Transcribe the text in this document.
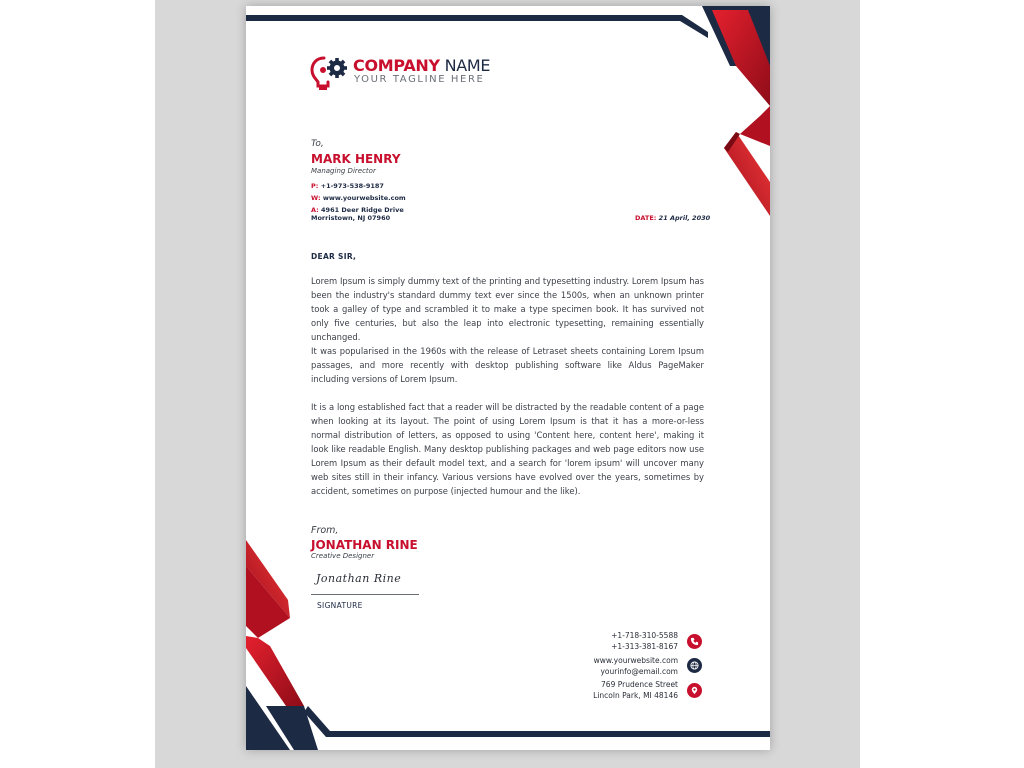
COMPANY NAME
YOUR TAGLINE HERE
To,
MARK HENRY
Managing Director
P: +1-973-538-9187
W: www.yourwebsite.com
A: 4961 Deer Ridge Drive
Morristown, NJ 07960	DATE: 21 April, 2030
DEAR SIR,

Lorem Ipsum is simply dummy text of the printing and typesetting industry. Lorem Ipsum has been the industry's standard dummy text ever since the 1500s, when an unknown printer took a galley of type and scrambled it to make a type specimen book. It has survived not only five centuries, but also the leap into electronic typesetting, remaining essentially unchanged.

It was popularised in the 1960s with the release of Letraset sheets containing Lorem Ipsum passages, and more recently with desktop publishing software like Aldus PageMaker including versions of Lorem Ipsum.

It is a long established fact that a reader will be distracted by the readable content of a page when looking at its layout. The point of using Lorem Ipsum is that it has a more-or-less normal distribution of letters, as opposed to using 'Content here, content here', making it look like readable English. Many desktop publishing packages and web page editors now use Lorem Ipsum as their default model text, and a search for 'lorem ipsum' will uncover many web sites still in their infancy. Various versions have evolved over the years, sometimes by accident, sometimes on purpose (injected humour and the like).

From,
JONATHAN RINE
Creative Designer
Jonathan Rine
SIGNATURE
+1-718-310-5588
+1-313-381-8167
www.yourwebsite.com
yourinfo@email.com
769 Prudence Street
Lincoln Park, MI 48146
